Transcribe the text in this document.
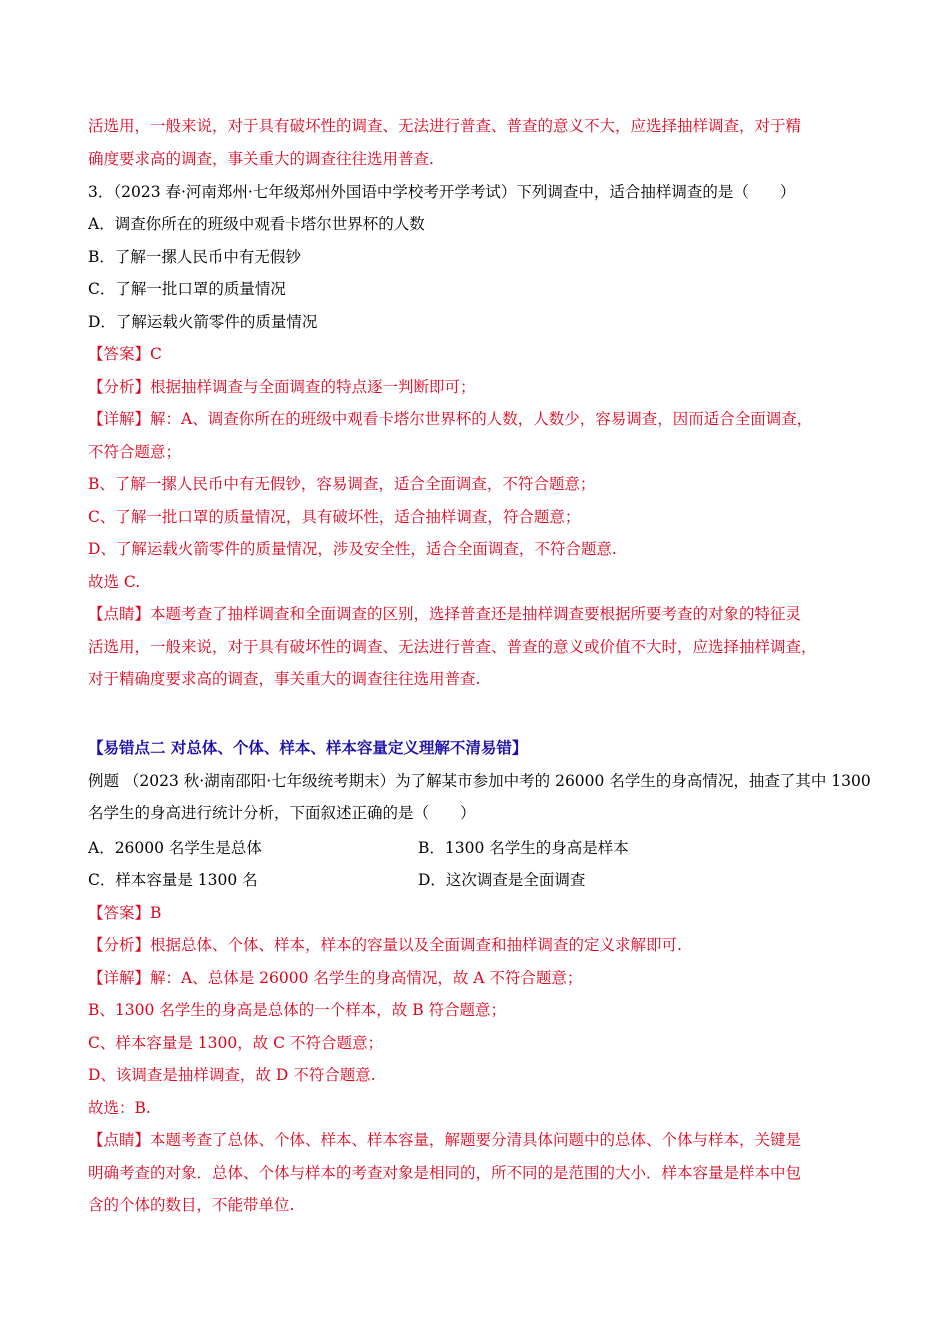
活选用，一般来说，对于具有破坏性的调查、无法进行普查、普查的意义不大，应选择抽样调查，对于精
确度要求高的调查，事关重大的调查往往选用普查.
3．（2023 春·河南郑州·七年级郑州外国语中学校考开学考试）下列调查中，适合抽样调查的是（　　）
A．调查你所在的班级中观看卡塔尔世界杯的人数
B．了解一摞人民币中有无假钞
C．了解一批口罩的质量情况
D．了解运载火箭零件的质量情况
【答案】C
【分析】根据抽样调查与全面调查的特点逐一判断即可；
【详解】解：A、调查你所在的班级中观看卡塔尔世界杯的人数，人数少，容易调查，因而适合全面调查，
不符合题意；
B、了解一摞人民币中有无假钞，容易调查，适合全面调查，不符合题意；
C、了解一批口罩的质量情况，具有破坏性，适合抽样调查，符合题意；
D、了解运载火箭零件的质量情况，涉及安全性，适合全面调查，不符合题意.
故选 C.
【点睛】本题考查了抽样调查和全面调查的区别，选择普查还是抽样调查要根据所要考查的对象的特征灵
活选用，一般来说，对于具有破坏性的调查、无法进行普查、普查的意义或价值不大时，应选择抽样调查，
对于精确度要求高的调查，事关重大的调查往往选用普查.
【易错点二 对总体、个体、样本、样本容量定义理解不清易错】
例题 （2023 秋·湖南邵阳·七年级统考期末）为了解某市参加中考的 26000 名学生的身高情况，抽查了其中 1300
名学生的身高进行统计分析，下面叙述正确的是（　　）
A．26000 名学生是总体	B．1300 名学生的身高是样本
C．样本容量是 1300 名	D．这次调查是全面调查
【答案】B
【分析】根据总体、个体、样本，样本的容量以及全面调查和抽样调查的定义求解即可.
【详解】解：A、总体是 26000 名学生的身高情况，故 A 不符合题意；
B、1300 名学生的身高是总体的一个样本，故 B 符合题意；
C、样本容量是 1300，故 C 不符合题意；
D、该调查是抽样调查，故 D 不符合题意.
故选：B.
【点睛】本题考查了总体、个体、样本、样本容量，解题要分清具体问题中的总体、个体与样本，关键是
明确考查的对象．总体、个体与样本的考查对象是相同的，所不同的是范围的大小．样本容量是样本中包
含的个体的数目，不能带单位.
